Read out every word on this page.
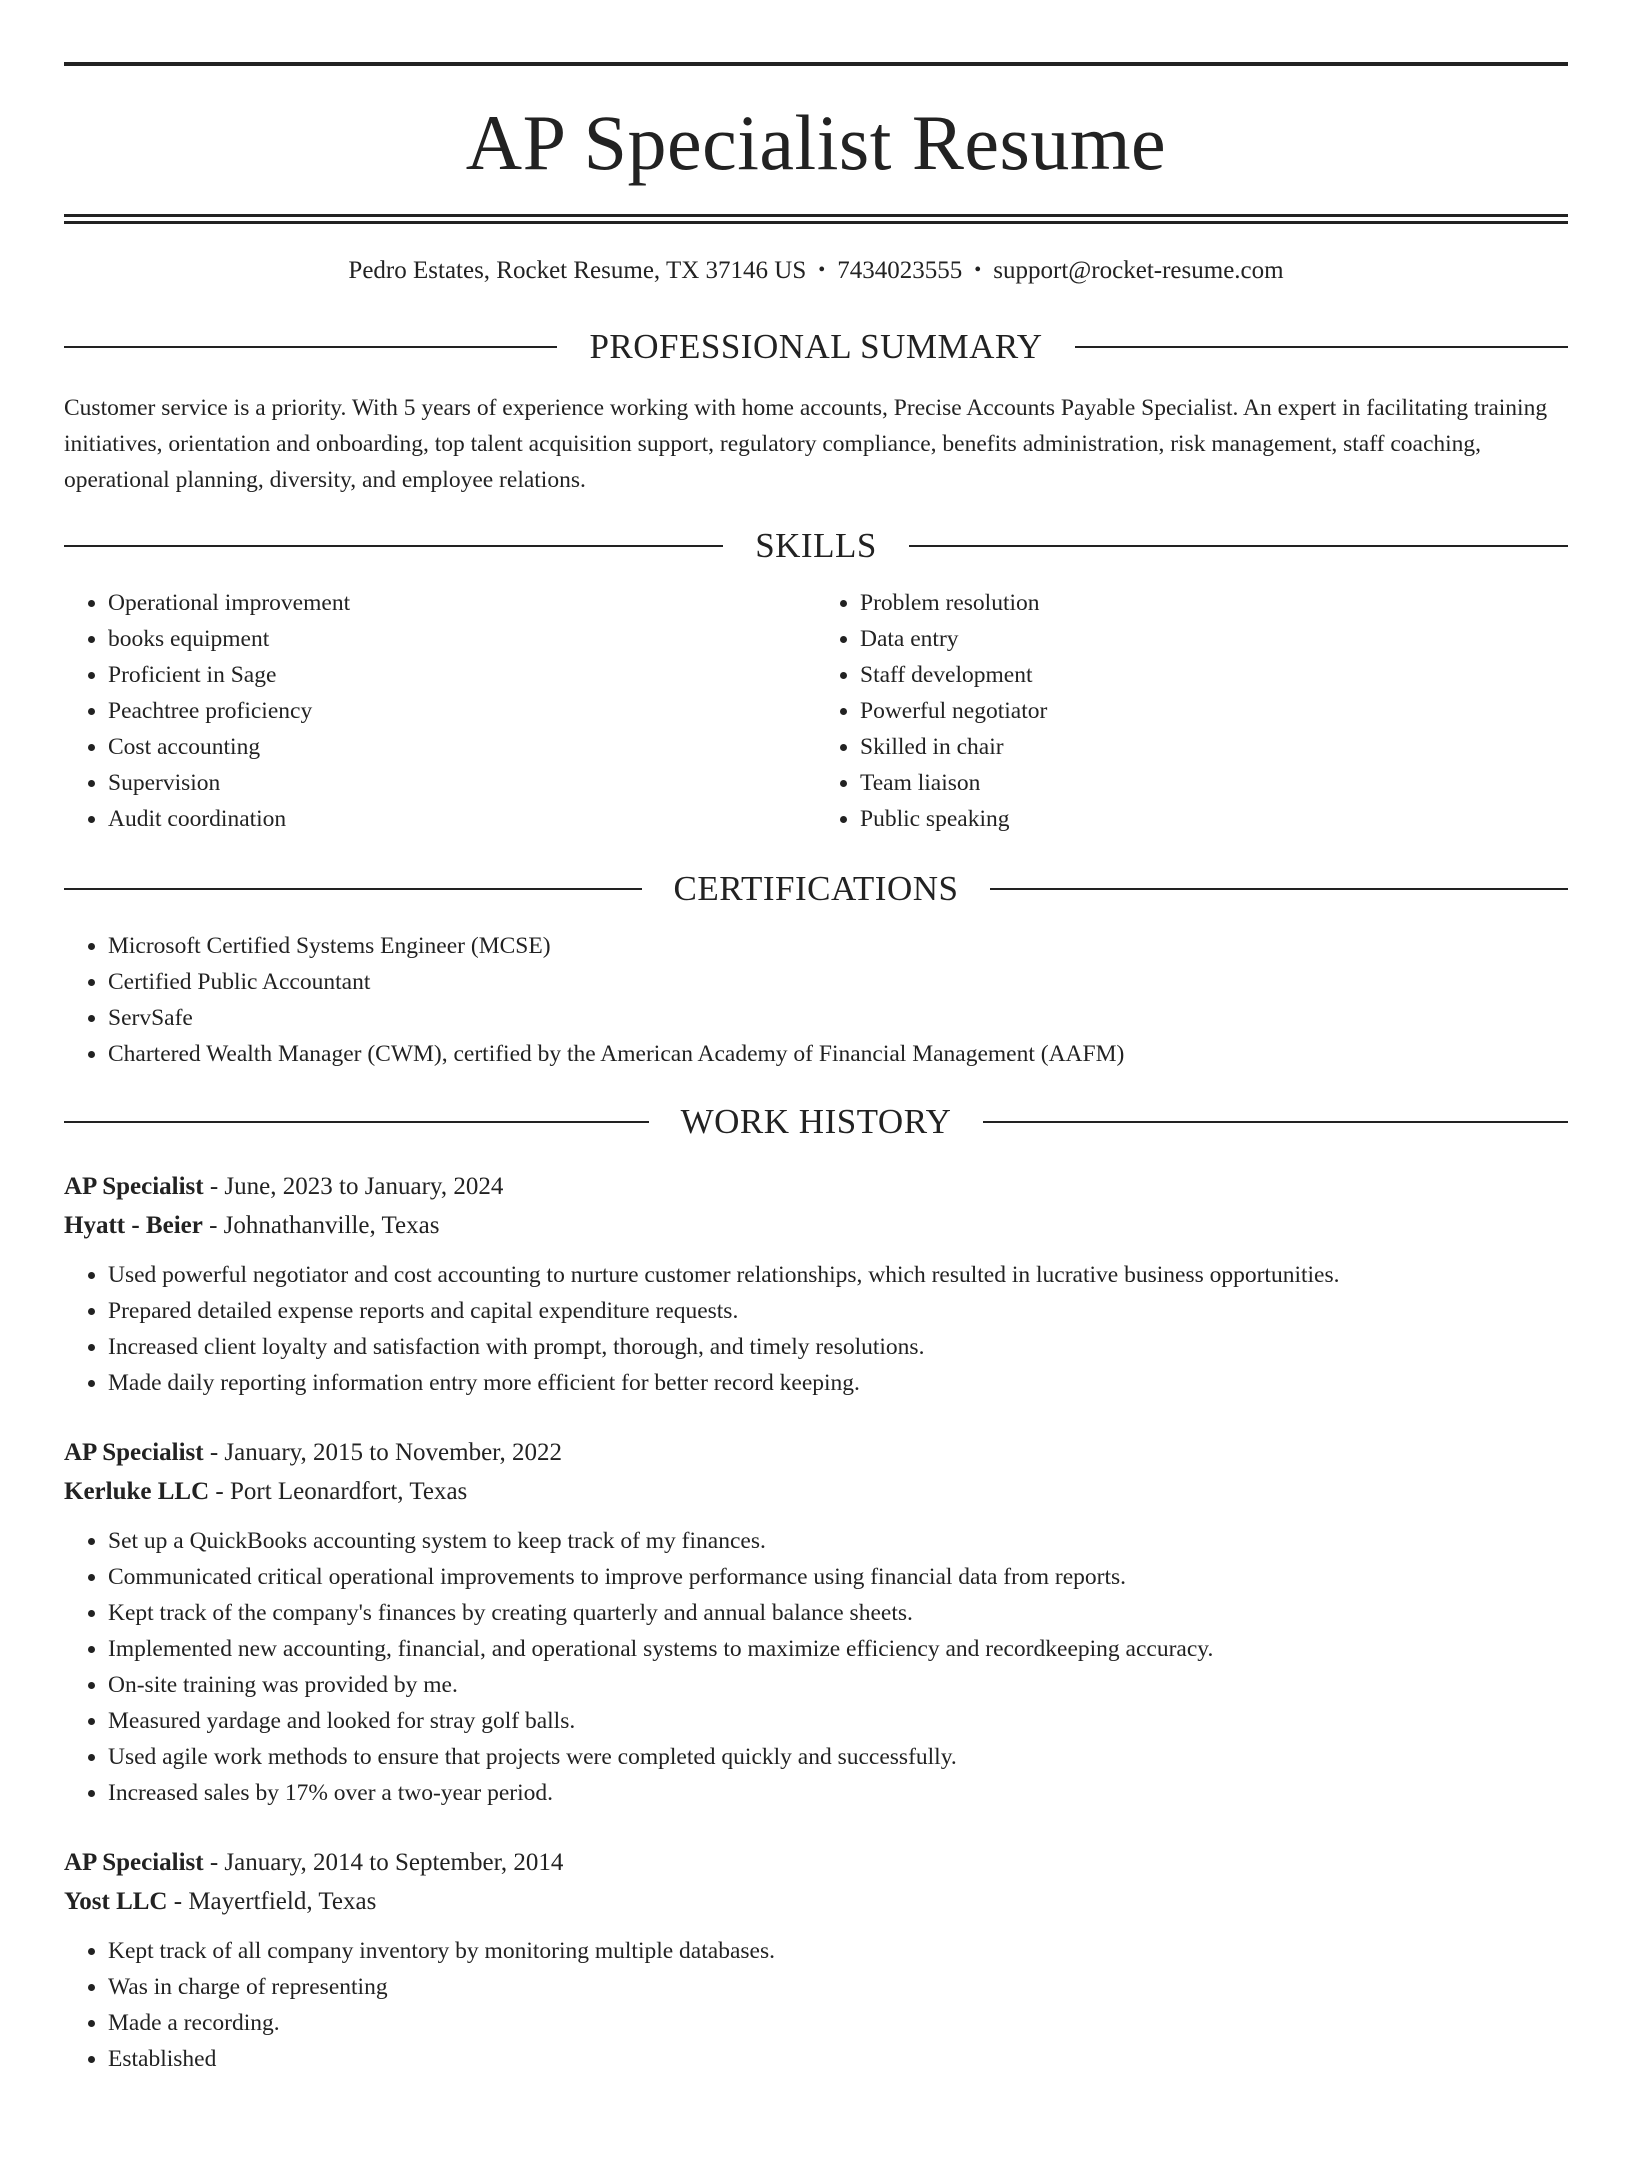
AP Specialist Resume
Pedro Estates, Rocket Resume, TX 37146 US • 7434023555 • support@rocket-resume.com
PROFESSIONAL SUMMARY
Customer service is a priority. With 5 years of experience working with home accounts, Precise Accounts Payable Specialist. An expert in facilitating training initiatives, orientation and onboarding, top talent acquisition support, regulatory compliance, benefits administration, risk management, staff coaching, operational planning, diversity, and employee relations.
SKILLS
• Operational improvement
• books equipment
• Proficient in Sage
• Peachtree proficiency
• Cost accounting
• Supervision
• Audit coordination
• Problem resolution
• Data entry
• Staff development
• Powerful negotiator
• Skilled in chair
• Team liaison
• Public speaking
CERTIFICATIONS
• Microsoft Certified Systems Engineer (MCSE)
• Certified Public Accountant
• ServSafe
• Chartered Wealth Manager (CWM), certified by the American Academy of Financial Management (AAFM)
WORK HISTORY
AP Specialist - June, 2023 to January, 2024
Hyatt - Beier - Johnathanville, Texas
• Used powerful negotiator and cost accounting to nurture customer relationships, which resulted in lucrative business opportunities.
• Prepared detailed expense reports and capital expenditure requests.
• Increased client loyalty and satisfaction with prompt, thorough, and timely resolutions.
• Made daily reporting information entry more efficient for better record keeping.
AP Specialist - January, 2015 to November, 2022
Kerluke LLC - Port Leonardfort, Texas
• Set up a QuickBooks accounting system to keep track of my finances.
• Communicated critical operational improvements to improve performance using financial data from reports.
• Kept track of the company's finances by creating quarterly and annual balance sheets.
• Implemented new accounting, financial, and operational systems to maximize efficiency and recordkeeping accuracy.
• On-site training was provided by me.
• Measured yardage and looked for stray golf balls.
• Used agile work methods to ensure that projects were completed quickly and successfully.
• Increased sales by 17% over a two-year period.
AP Specialist - January, 2014 to September, 2014
Yost LLC - Mayertfield, Texas
• Kept track of all company inventory by monitoring multiple databases.
• Was in charge of representing
• Made a recording.
• Established
